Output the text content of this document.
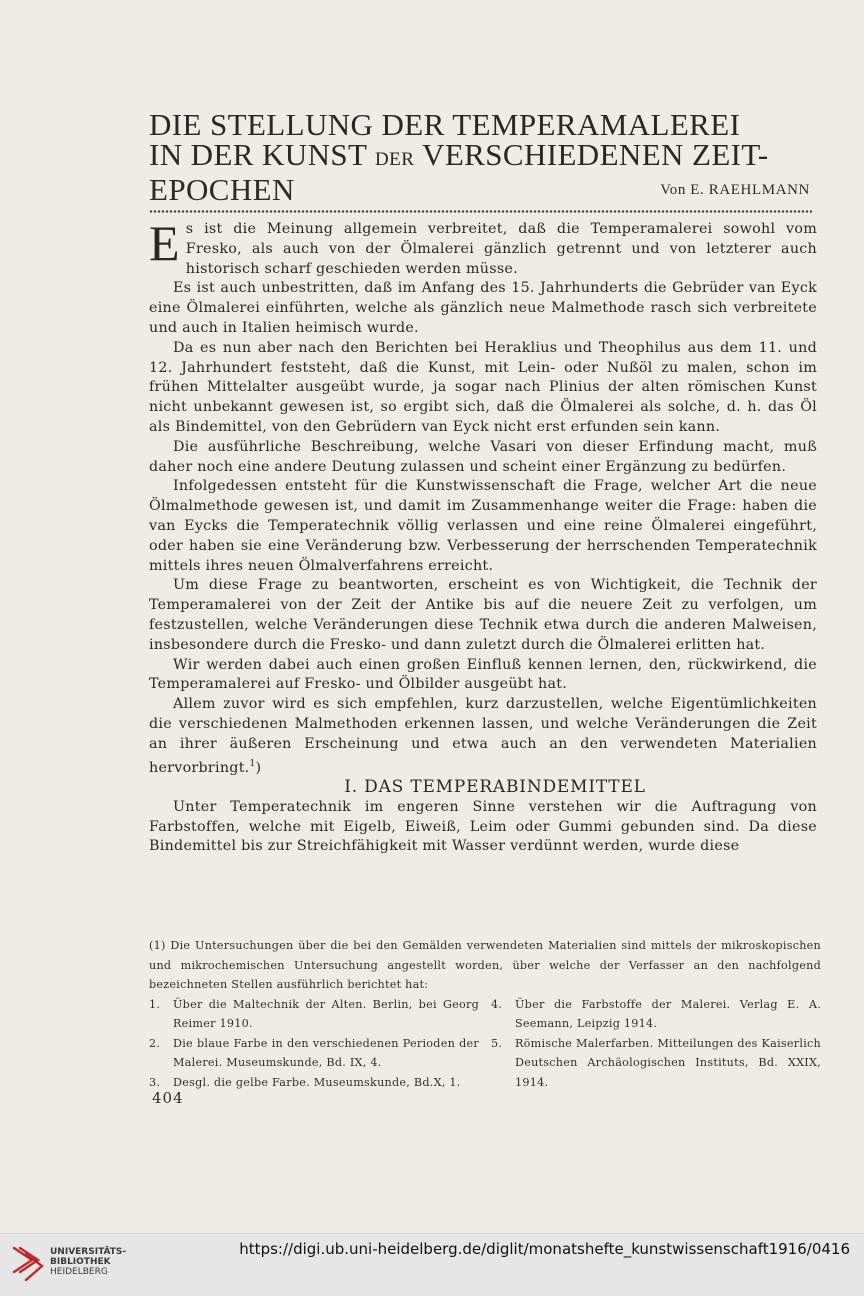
DIE STELLUNG DER TEMPERAMALEREI
IN DER KUNST DER VERSCHIEDENEN ZEIT-
EPOCHEN	Von E. RAEHLMANN

Es ist die Meinung allgemein verbreitet, daß die Temperamalerei sowohl vom Fresko, als auch von der Ölmalerei gänzlich getrennt und von letzterer auch historisch scharf geschieden werden müsse.

Es ist auch unbestritten, daß im Anfang des 15. Jahrhunderts die Gebrüder van Eyck eine Ölmalerei einführten, welche als gänzlich neue Malmethode rasch sich verbreitete und auch in Italien heimisch wurde.

Da es nun aber nach den Berichten bei Heraklius und Theophilus aus dem 11. und 12. Jahrhundert feststeht, daß die Kunst, mit Lein- oder Nußöl zu malen, schon im frühen Mittelalter ausgeübt wurde, ja sogar nach Plinius der alten römischen Kunst nicht unbekannt gewesen ist, so ergibt sich, daß die Ölmalerei als solche, d. h. das Öl als Bindemittel, von den Gebrüdern van Eyck nicht erst erfunden sein kann.

Die ausführliche Beschreibung, welche Vasari von dieser Erfindung macht, muß daher noch eine andere Deutung zulassen und scheint einer Ergänzung zu bedürfen.

Infolgedessen entsteht für die Kunstwissenschaft die Frage, welcher Art die neue Ölmalmethode gewesen ist, und damit im Zusammenhange weiter die Frage: haben die van Eycks die Temperatechnik völlig verlassen und eine reine Ölmalerei eingeführt, oder haben sie eine Veränderung bzw. Verbesserung der herrschenden Temperatechnik mittels ihres neuen Ölmalverfahrens erreicht.

Um diese Frage zu beantworten, erscheint es von Wichtigkeit, die Technik der Temperamalerei von der Zeit der Antike bis auf die neuere Zeit zu verfolgen, um festzustellen, welche Veränderungen diese Technik etwa durch die anderen Malweisen, insbesondere durch die Fresko- und dann zuletzt durch die Ölmalerei erlitten hat.

Wir werden dabei auch einen großen Einfluß kennen lernen, den, rückwirkend, die Temperamalerei auf Fresko- und Ölbilder ausgeübt hat.

Allem zuvor wird es sich empfehlen, kurz darzustellen, welche Eigentümlichkeiten die verschiedenen Malmethoden erkennen lassen, und welche Veränderungen die Zeit an ihrer äußeren Erscheinung und etwa auch an den verwendeten Materialien hervorbringt.$^1$)

I. DAS TEMPERABINDEMITTEL

Unter Temperatechnik im engeren Sinne verstehen wir die Auftragung von Farbstoffen, welche mit Eigelb, Eiweiß, Leim oder Gummi gebunden sind. Da diese Bindemittel bis zur Streichfähigkeit mit Wasser verdünnt werden, wurde diese

(1) Die Untersuchungen über die bei den Gemälden verwendeten Materialien sind mittels der mikroskopischen und mikrochemischen Untersuchung angestellt worden, über welche der Verfasser an den nachfolgend bezeichneten Stellen ausführlich berichtet hat:

1.	Über die Maltechnik der Alten. Berlin, bei Georg Reimer 1910.
2.	Die blaue Farbe in den verschiedenen Perioden der Malerei. Museumskunde, Bd. IX, 4.
3.	Desgl. die gelbe Farbe. Museumskunde, Bd.X, 1.
4.	Über die Farbstoffe der Malerei. Verlag E. A. Seemann, Leipzig 1914.
5.	Römische Malerfarben. Mitteilungen des Kaiserlich Deutschen Archäologischen Instituts, Bd. XXIX, 1914.
404
UNIVERSITÄTS-
BIBLIOTHEK
HEIDELBERG
https://digi.ub.uni-heidelberg.de/diglit/monatshefte_kunstwissenschaft1916/0416
